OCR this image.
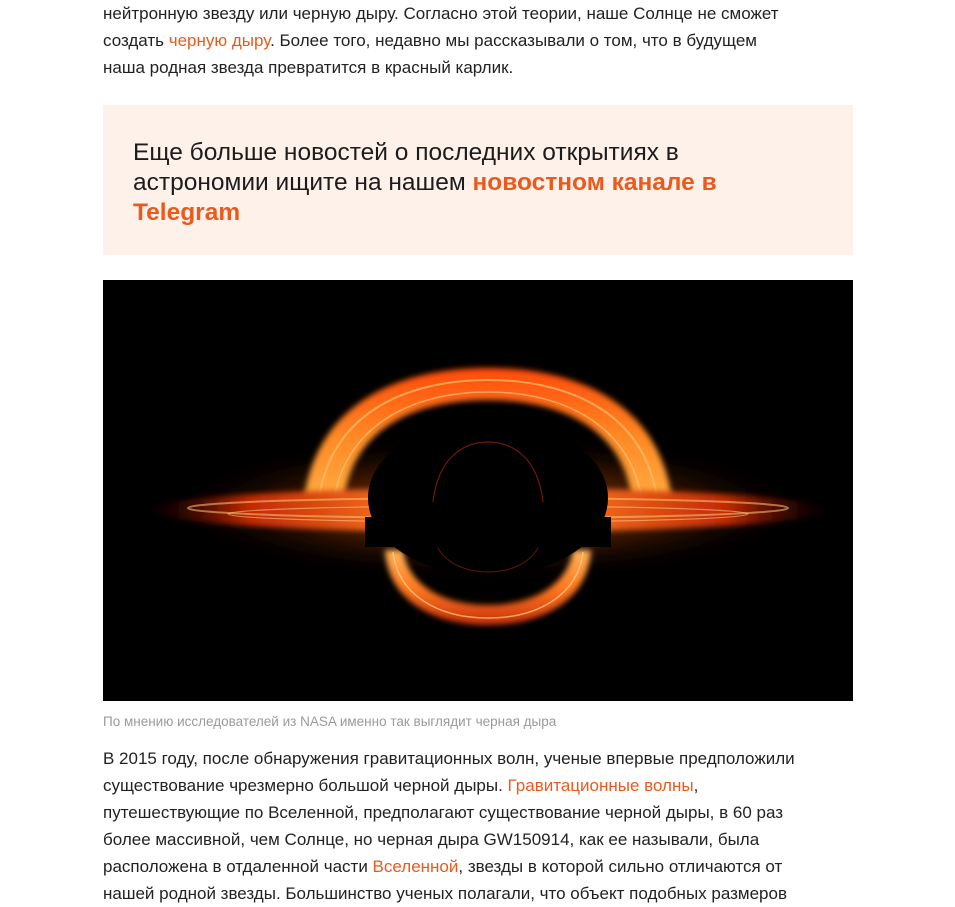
нейтронную звезду или черную дыру. Согласно этой теории, наше Солнце не сможет
создать черную дыру. Более того, недавно мы рассказывали о том, что в будущем
наша родная звезда превратится в красный карлик.

Еще больше новостей о последних открытиях в
астрономии ищите на нашем новостном канале в
Telegram

По мнению исследователей из NASA именно так выглядит черная дыра

В 2015 году, после обнаружения гравитационных волн, ученые впервые предположили
существование чрезмерно большой черной дыры. Гравитационные волны,
путешествующие по Вселенной, предполагают существование черной дыры, в 60 раз
более массивной, чем Солнце, но черная дыра GW150914, как ее называли, была
расположена в отдаленной части Вселенной, звезды в которой сильно отличаются от
нашей родной звезды. Большинство ученых полагали, что объект подобных размеров
